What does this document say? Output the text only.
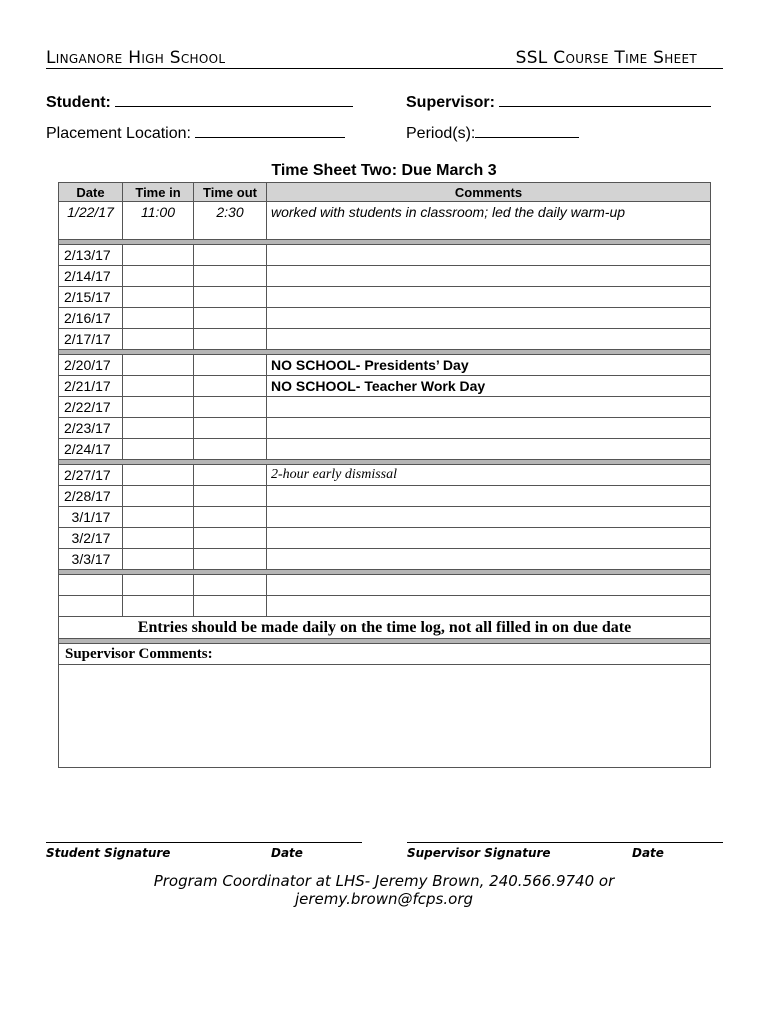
Linganore High School	SSL Course Time Sheet
Student:	Supervisor:
Placement Location:	Period(s):
Time Sheet Two: Due March 3
Date	Time in	Time out	Comments
1/22/17	11:00	2:30	worked with students in classroom; led the daily warm-up

2/13/17			
2/14/17			
2/15/17			
2/16/17			
2/17/17			

2/20/17			NO SCHOOL- Presidents’ Day
2/21/17			NO SCHOOL- Teacher Work Day
2/22/17			
2/23/17			
2/24/17			

2/27/17			2-hour early dismissal
2/28/17			
3/1/17			
3/2/17			
3/3/17			

Entries should be made daily on the time log, not all filled in on due date			

Supervisor Comments:			

Student Signature	Date	Supervisor Signature	Date
Program Coordinator at LHS- Jeremy Brown, 240.566.9740 or
jeremy.brown@fcps.org
